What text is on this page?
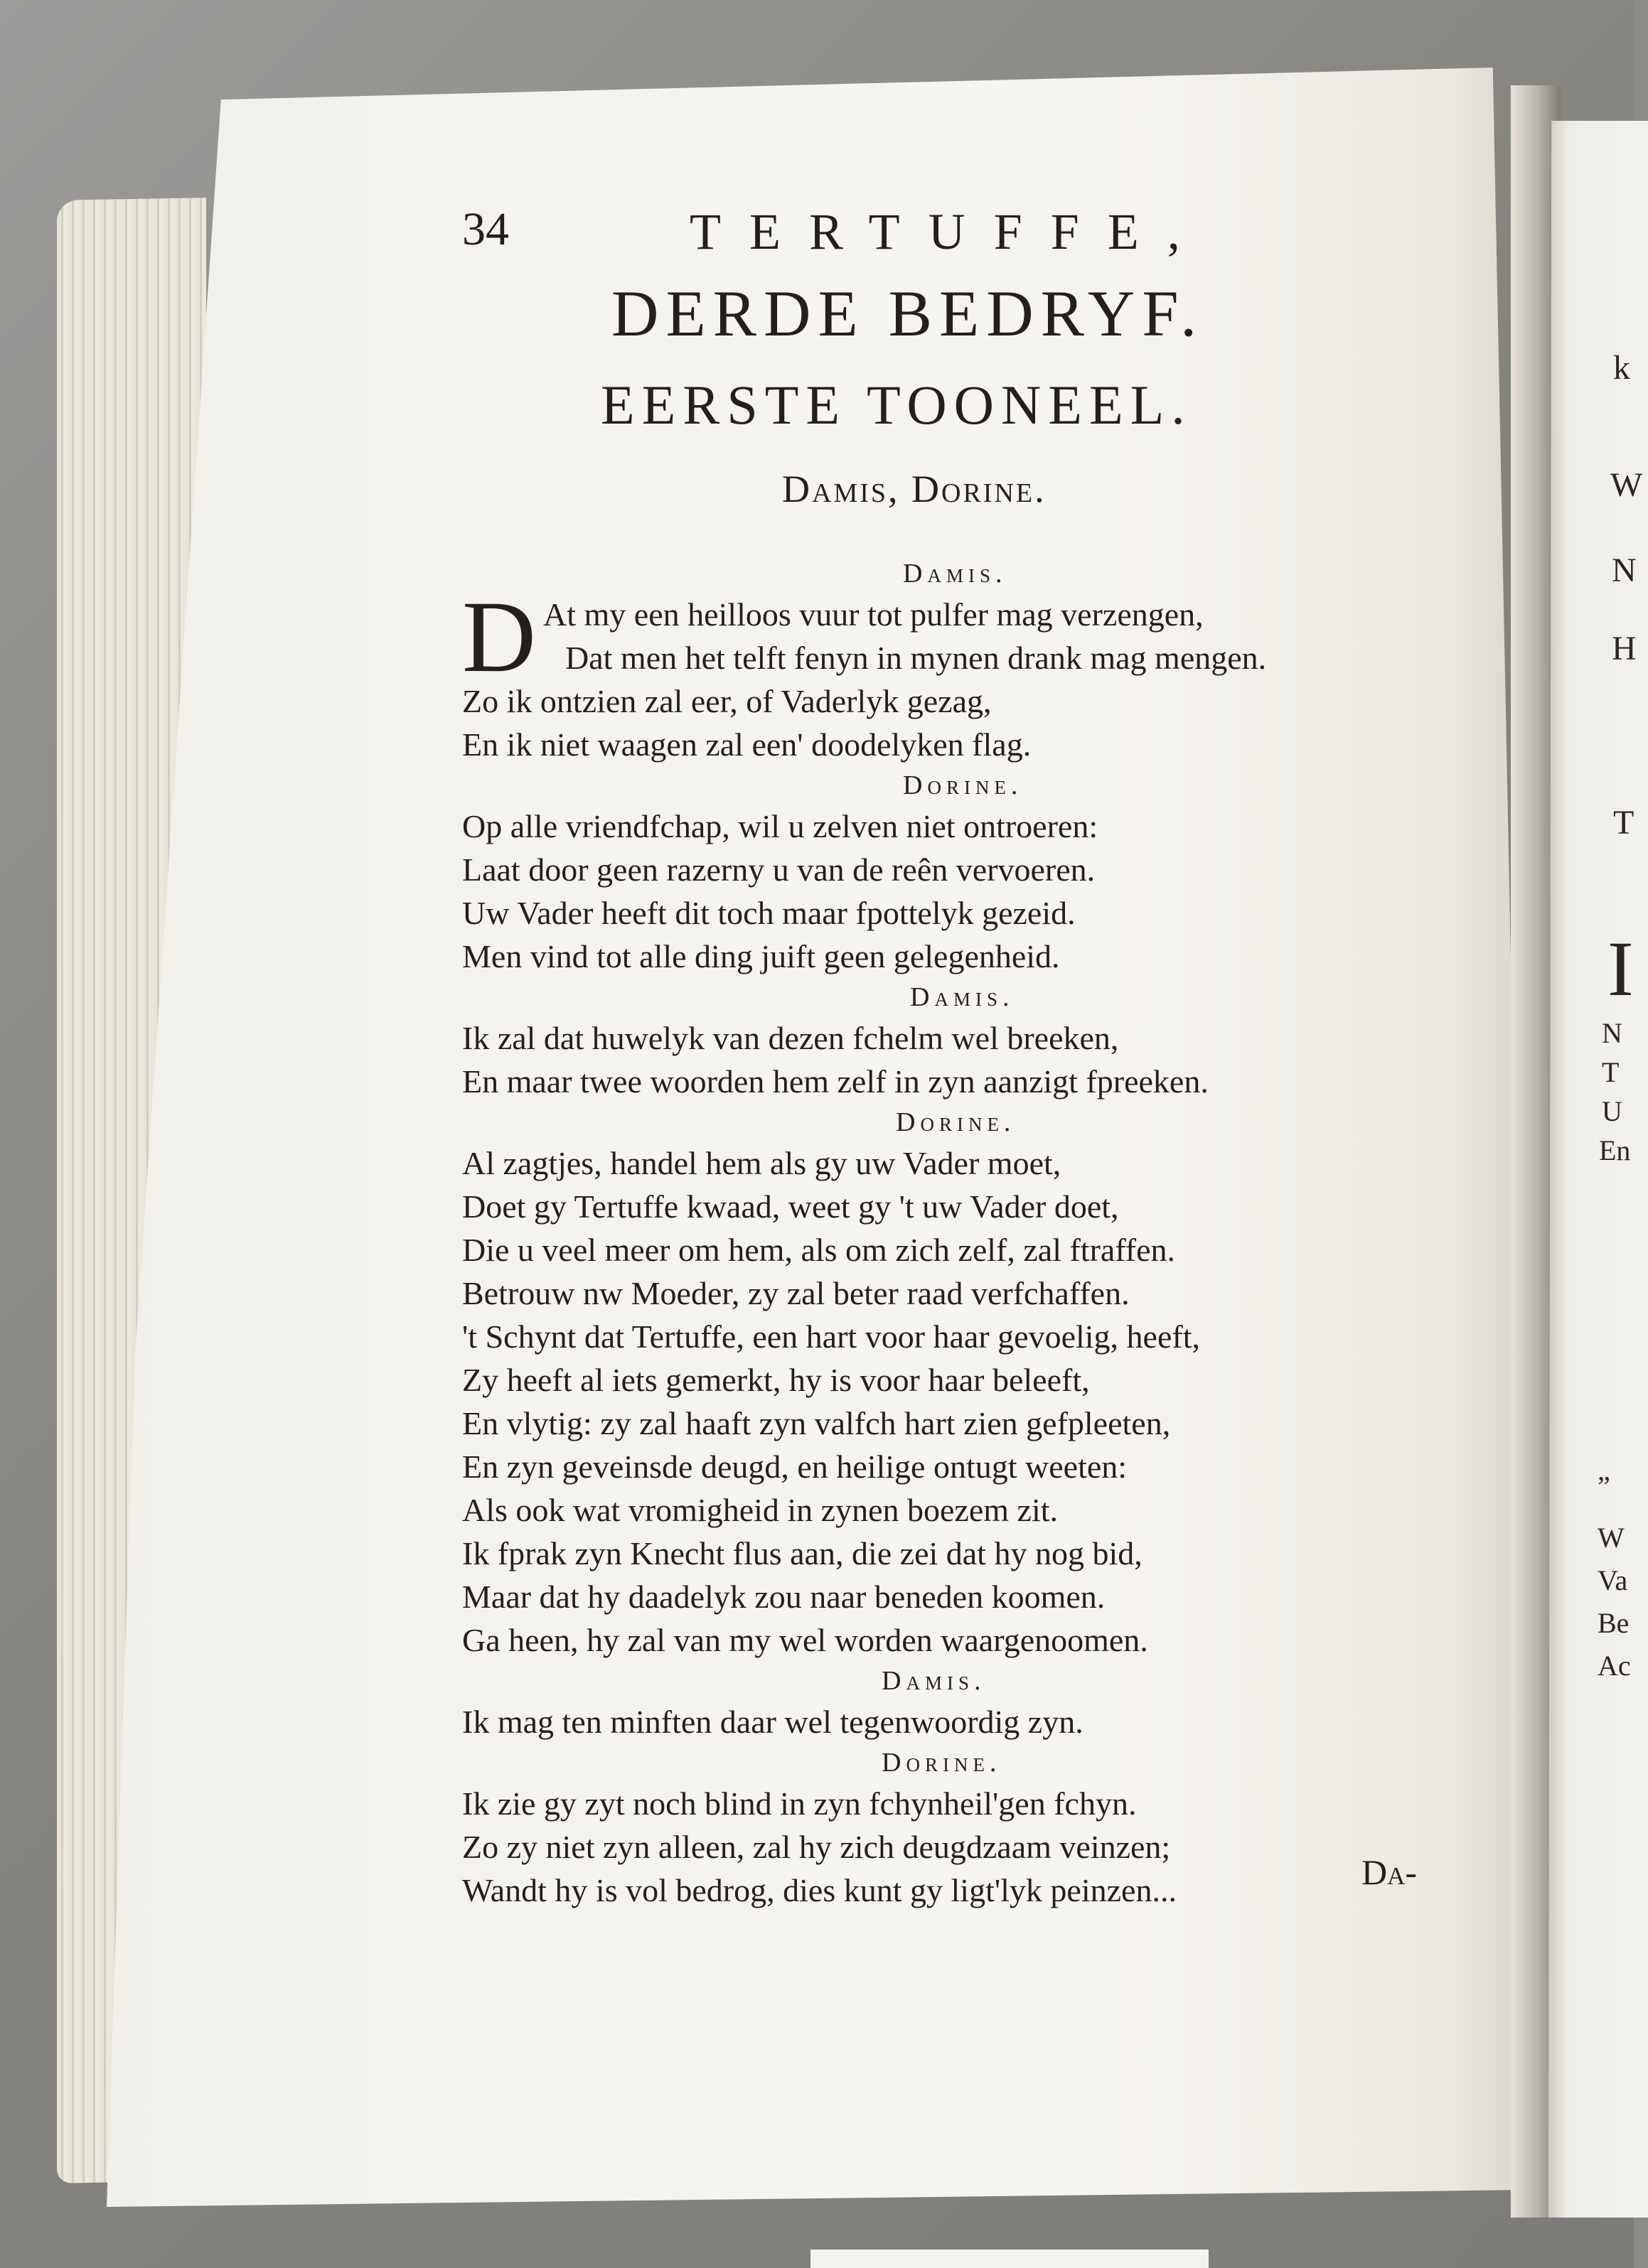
34	TERTUFFE,
DERDE BEDRYF.
EERSTE TOONEEL.
Damis, Dorine.
Damis.
D At my een heilloos vuur tot pulfer mag verzengen,
Dat men het telft fenyn in mynen drank mag mengen.
Zo ik ontzien zal eer, of Vaderlyk gezag,
En ik niet waagen zal een' doodelyken flag.
Dorine.
Op alle vriendfchap, wil u zelven niet ontroeren:
Laat door geen razerny u van de reên vervoeren.
Uw Vader heeft dit toch maar fpottelyk gezeid.
Men vind tot alle ding juift geen gelegenheid.
Damis.
Ik zal dat huwelyk van dezen fchelm wel breeken,
En maar twee woorden hem zelf in zyn aanzigt fpreeken.
Dorine.
Al zagtjes, handel hem als gy uw Vader moet,
Doet gy Tertuffe kwaad, weet gy 't uw Vader doet,
Die u veel meer om hem, als om zich zelf, zal ftraffen.
Betrouw nw Moeder, zy zal beter raad verfchaffen.
't Schynt dat Tertuffe, een hart voor haar gevoelig, heeft,
Zy heeft al iets gemerkt, hy is voor haar beleeft,
En vlytig: zy zal haaft zyn valfch hart zien gefpleeten,
En zyn geveinsde deugd, en heilige ontugt weeten:
Als ook wat vromigheid in zynen boezem zit.
Ik fprak zyn Knecht flus aan, die zei dat hy nog bid,
Maar dat hy daadelyk zou naar beneden koomen.
Ga heen, hy zal van my wel worden waargenoomen.
Damis.
Ik mag ten minften daar wel tegenwoordig zyn.
Dorine.
Ik zie gy zyt noch blind in zyn fchynheil'gen fchyn.
Zo zy niet zyn alleen, zal hy zich deugdzaam veinzen;
Wandt hy is vol bedrog, dies kunt gy ligt'lyk peinzen...	Da-
k
W
N
H
T
I
N
T
U
En
„
W
Va
Be
Ac
